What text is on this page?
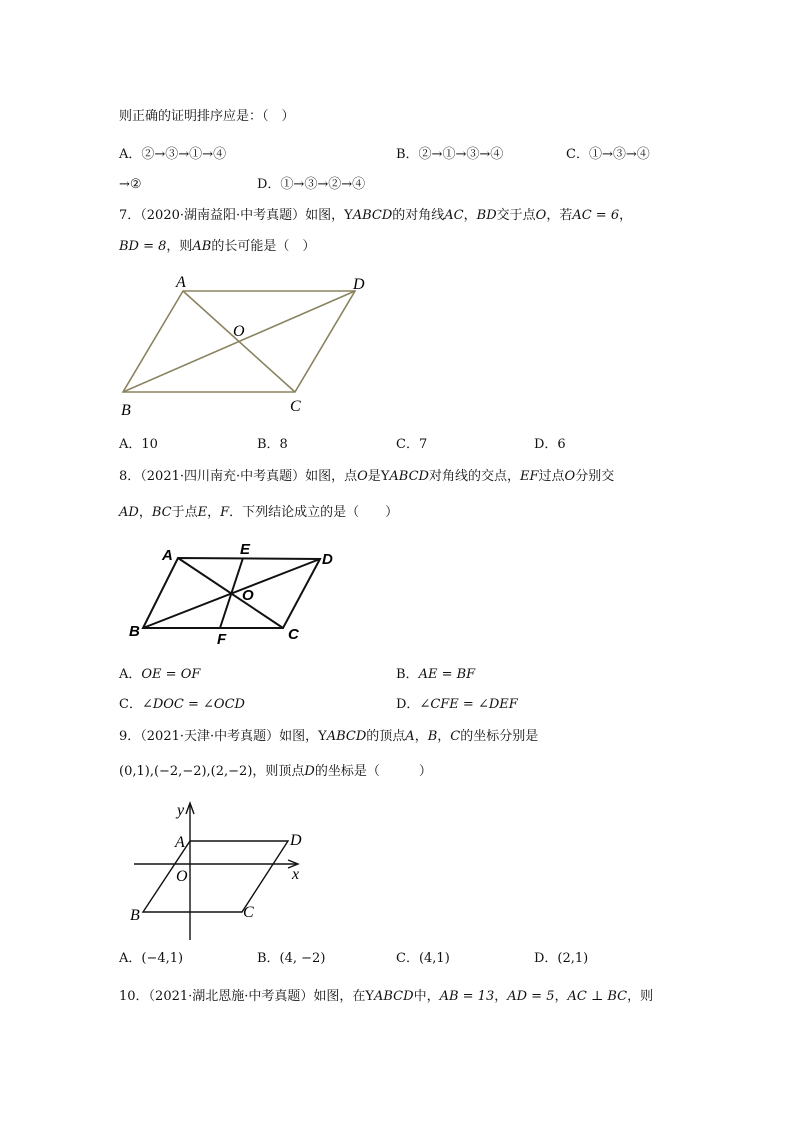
则正确的证明排序应是：（　）
A．②→③→①→④	B．②→①→③→④	C．①→③→④
→②	D．①→③→②→④
7．（2020·湖南益阳·中考真题）如图，YABCD的对角线AC，BD交于点O，若AC = 6，
BD = 8，则AB的长可能是（　）
A	D
O
B	C
A．10	B．8	C．7	D．6
8．（2021·四川南充·中考真题）如图，点O是YABCD对角线的交点，EF过点O分别交
AD，BC于点E，F．下列结论成立的是（　　）
A	E
D
O
B	F	C
A．OE = OF	B．AE = BF
C．∠DOC = ∠OCD	D．∠CFE = ∠DEF
9．（2021·天津·中考真题）如图，YABCD的顶点A，B，C的坐标分别是
(0,1),(−2,−2),(2,−2)，则顶点D的坐标是（　　　）
y
A	D
O	x
B	C
A．(−4,1)	B．(4, −2)	C．(4,1)	D．(2,1)
10．（2021·湖北恩施·中考真题）如图，在YABCD中，AB = 13，AD = 5，AC ⊥ BC，则
